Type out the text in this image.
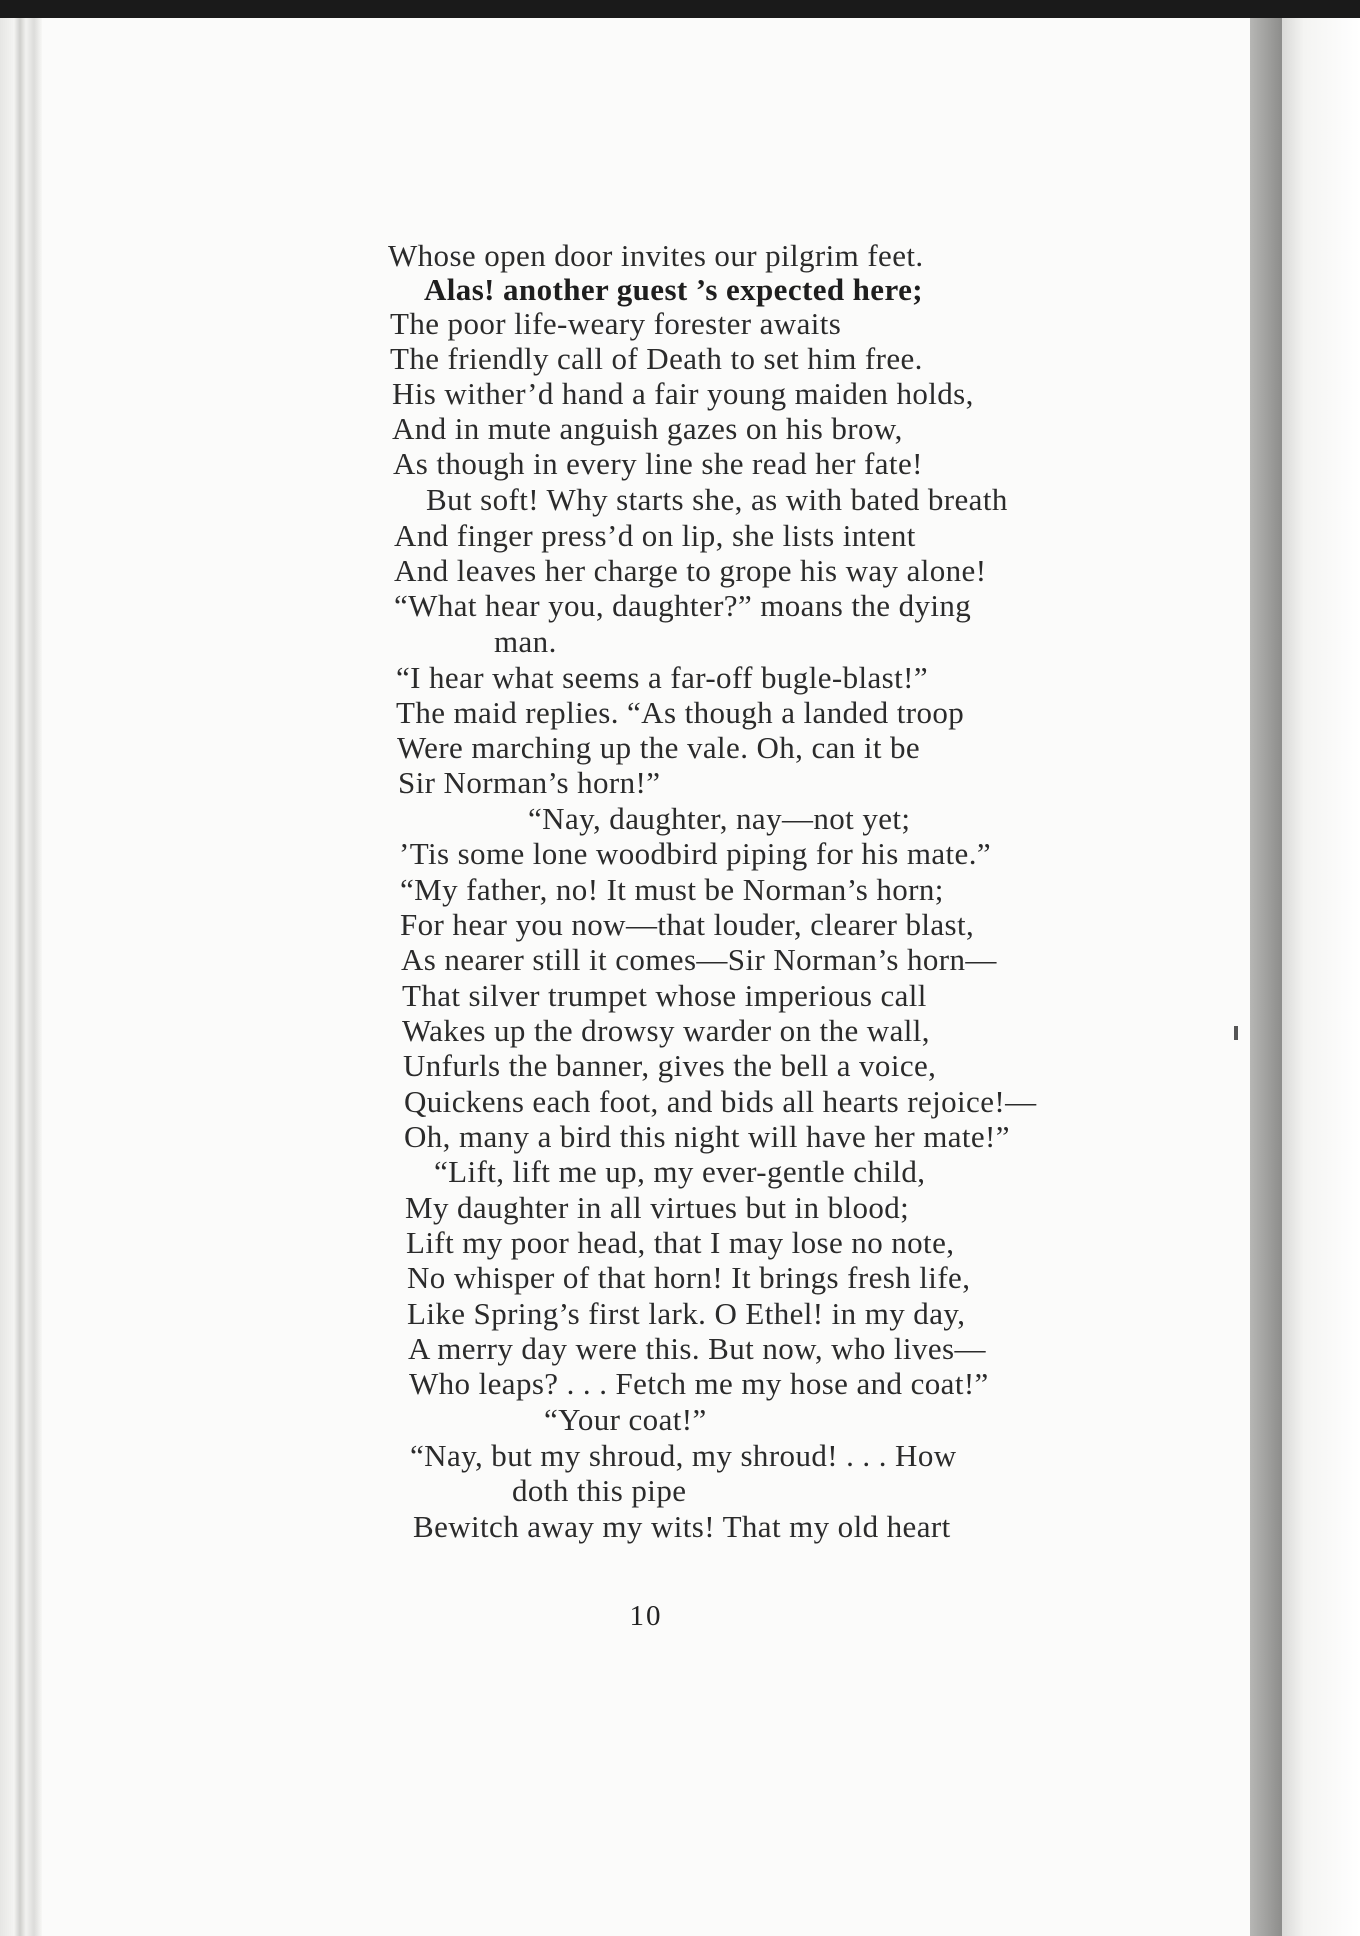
Whose open door invites our pilgrim feet.
Alas! another guest ’s expected here;
The poor life-weary forester awaits
The friendly call of Death to set him free.
His wither’d hand a fair young maiden holds,
And in mute anguish gazes on his brow,
As though in every line she read her fate!
But soft! Why starts she, as with bated breath
And finger press’d on lip, she lists intent
And leaves her charge to grope his way alone!
“What hear you, daughter?” moans the dying
man.
“I hear what seems a far-off bugle-blast!”
The maid replies. “As though a landed troop
Were marching up the vale. Oh, can it be
Sir Norman’s horn!”
“Nay, daughter, nay—not yet;
’Tis some lone woodbird piping for his mate.”
“My father, no! It must be Norman’s horn;
For hear you now—that louder, clearer blast,
As nearer still it comes—Sir Norman’s horn—
That silver trumpet whose imperious call
Wakes up the drowsy warder on the wall,
Unfurls the banner, gives the bell a voice,
Quickens each foot, and bids all hearts rejoice!—
Oh, many a bird this night will have her mate!”
“Lift, lift me up, my ever-gentle child,
My daughter in all virtues but in blood;
Lift my poor head, that I may lose no note,
No whisper of that horn! It brings fresh life,
Like Spring’s first lark. O Ethel! in my day,
A merry day were this. But now, who lives—
Who leaps? . . . Fetch me my hose and coat!”
“Your coat!”
“Nay, but my shroud, my shroud! . . . How
doth this pipe
Bewitch away my wits! That my old heart
10
